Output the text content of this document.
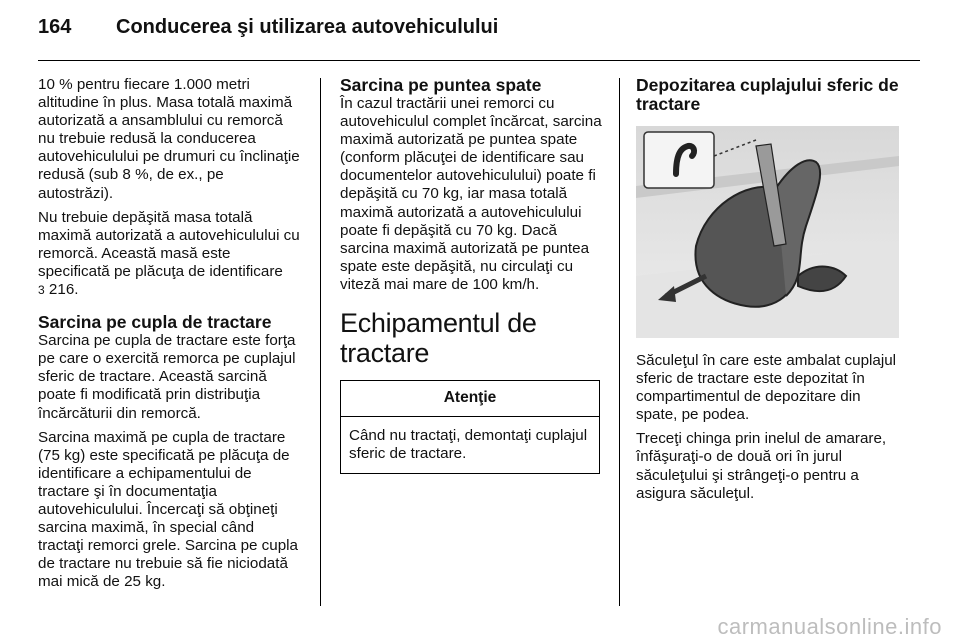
164 Conducerea şi utilizarea autovehiculului

10 % pentru fiecare 1.000 metri altitudine în plus. Masa totală maximă autorizată a ansamblului cu remorcă nu trebuie redusă la conducerea autovehiculului pe drumuri cu înclinaţie redusă (sub 8 %, de ex., pe autostrăzi).

Nu trebuie depăşită masa totală maximă autorizată a autovehiculului cu remorcă. Această masă este specificată pe plăcuţa de identificare
3 216.

Sarcina pe cupla de tractare

Sarcina pe cupla de tractare este forţa pe care o exercită remorca pe cuplajul sferic de tractare. Această sarcină poate fi modificată prin distribuţia încărcăturii din remorcă.

Sarcina maximă pe cupla de tractare (75 kg) este specificată pe plăcuţa de identificare a echipamentului de tractare şi în documentaţia autovehiculului. Încercaţi să obţineţi sarcina maximă, în special când tractaţi remorci grele. Sarcina pe cupla de tractare nu trebuie să fie niciodată mai mică de 25 kg.

Sarcina pe puntea spate

În cazul tractării unei remorci cu autovehiculul complet încărcat, sarcina maximă autorizată pe puntea spate (conform plăcuţei de identificare sau documentelor autovehiculului) poate fi depăşită cu 70 kg, iar masa totală maximă autorizată a autovehiculului poate fi depăşită cu 70 kg. Dacă sarcina maximă autorizată pe puntea spate este depăşită, nu circulaţi cu viteză mai mare de 100 km/h.

Echipamentul de tractare
Atenţie
Când nu tractaţi, demontaţi cuplajul sferic de tractare.
Depozitarea cuplajului sferic de tractare

Săculeţul în care este ambalat cuplajul sferic de tractare este depozitat în compartimentul de depozitare din spate, pe podea.

Treceţi chinga prin inelul de amarare, înfăşuraţi-o de două ori în jurul săculeţului şi strângeţi-o pentru a asigura săculeţul.

carmanualsonline.info
